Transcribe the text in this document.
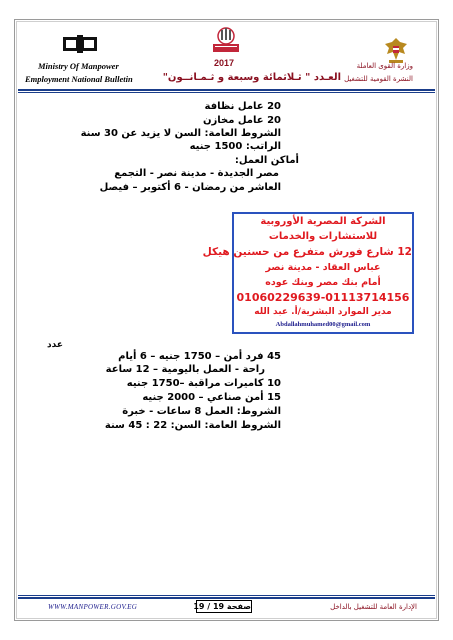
Ministry Of Manpower
Employment National Bulletin
2017
العـدد " ثـلاثمائة وسبعة و ثـمـانــون"
وزارة القوى العاملة
النشرة القومية للتشغيل
20 عامل نظافة
20 عامل مخازن
الشروط العامة: السن لا يزيد عن 30 سنة
الراتب: 1500 جنيه
أماكن العمل:
مصر الجديدة - مدينة نصر - التجمع
العاشر من رمضان - 6 أكتوبر – فيصل
الشركة المصرية الأوروبية
للاستشارات والخدمات
12 شارع فورش متفرع من حسنين هيكل
عباس العقاد - مدينة نصر
أمام بنك مصر وبنك عوده
01060229639-01113714156
مدير الموارد البشرية/أ. عبد الله
Abdallahmuhamed00@gmail.com
عدد
45 فرد أمن – 1750 جنيه – 6 أيام
راحة - العمل باليومية – 12 ساعة
10 كاميرات مراقبة –1750 جنيه
15 أمن صناعي – 2000 جنيه
الشروط: العمل 8 ساعات - خبرة
الشروط العامة: السن: 22 : 45 سنة
WWW.MANPOWER.GOV.EG	صفحة 19 / 19	الإدارة العامة للتشغيل بالداخل
